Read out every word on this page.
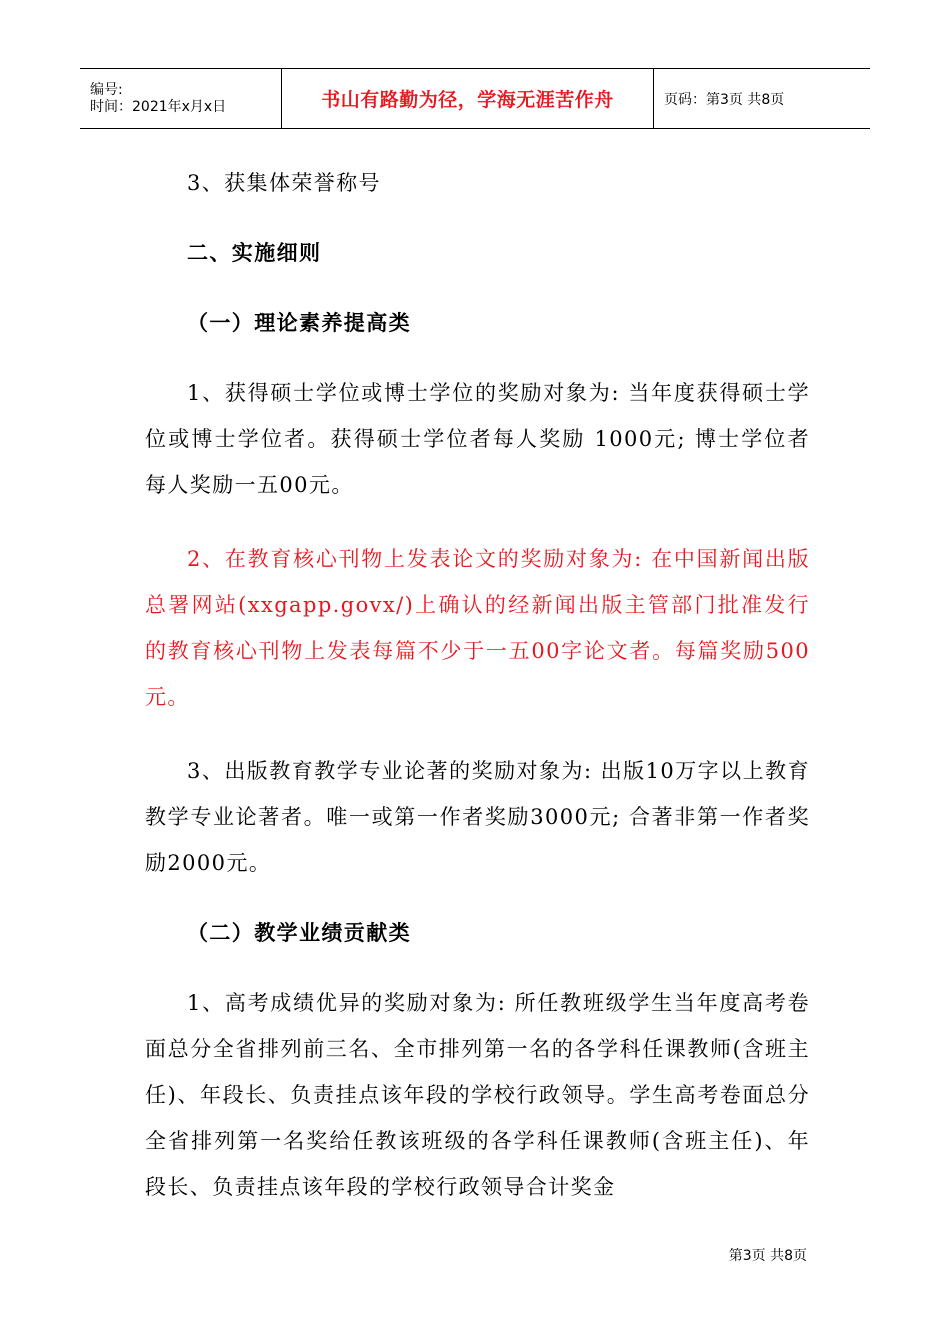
编号:
时间：2021年x月x日	书山有路勤为径，学海无涯苦作舟	页码：第3页 共8页

3、获集体荣誉称号

二、实施细则

（一）理论素养提高类

1、获得硕士学位或博士学位的奖励对象为: 当年度获得硕士学位或博士学位者。获得硕士学位者每人奖励 1000元; 博士学位者每人奖励一五00元。

2、在教育核心刊物上发表论文的奖励对象为: 在中国新闻出版总署网站(xxgapp.govx/)上确认的经新闻出版主管部门批准发行的教育核心刊物上发表每篇不少于一五00字论文者。每篇奖励500元。

3、出版教育教学专业论著的奖励对象为: 出版10万字以上教育教学专业论著者。唯一或第一作者奖励3000元; 合著非第一作者奖励2000元。

（二）教学业绩贡献类

1、高考成绩优异的奖励对象为: 所任教班级学生当年度高考卷面总分全省排列前三名、全市排列第一名的各学科任课教师(含班主任)、年段长、负责挂点该年段的学校行政领导。学生高考卷面总分全省排列第一名奖给任教该班级的各学科任课教师(含班主任)、年段长、负责挂点该年段的学校行政领导合计奖金

第3页 共8页
